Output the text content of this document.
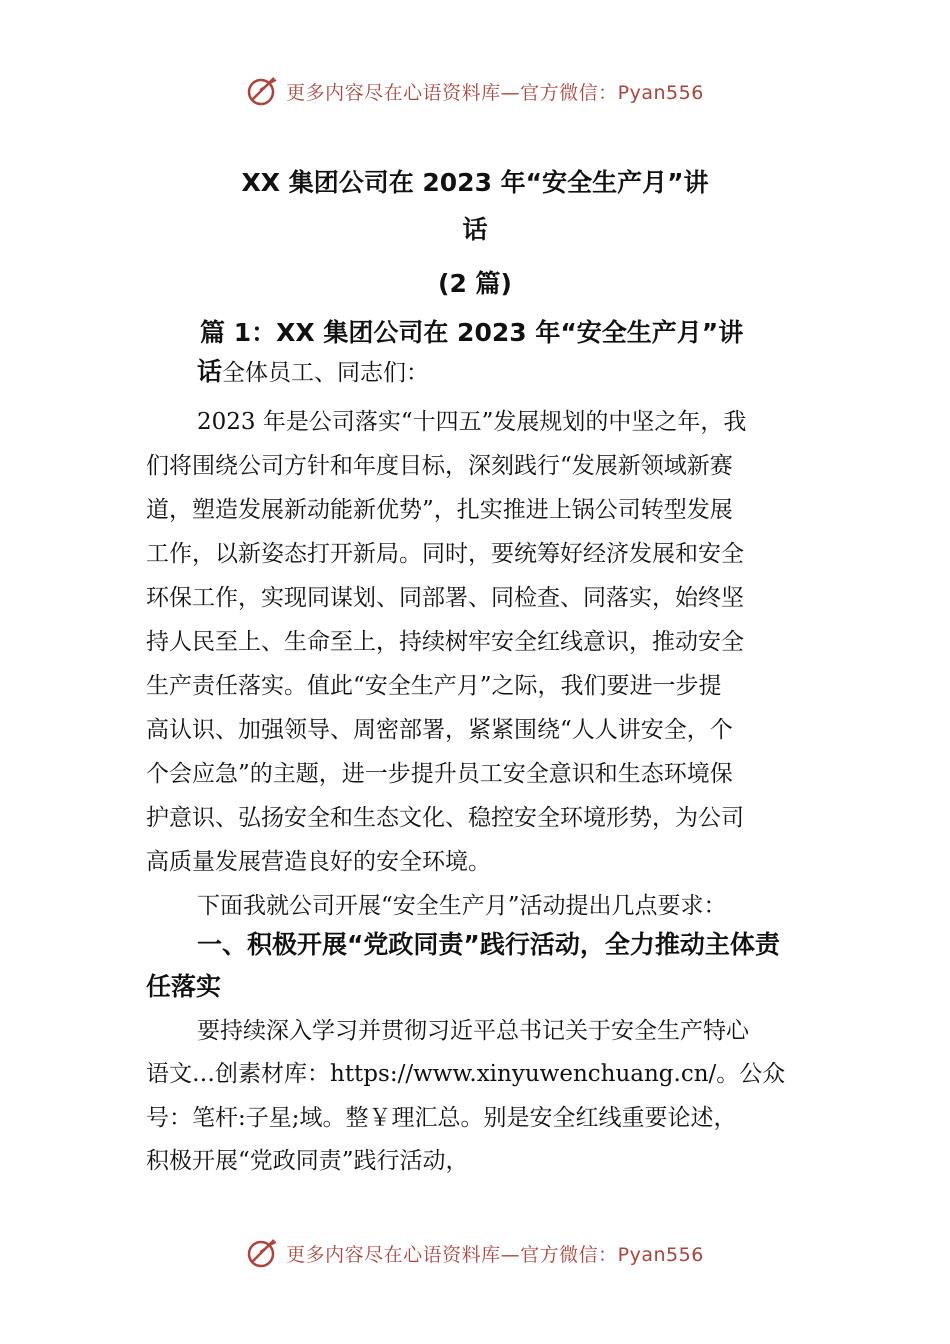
更多内容尽在心语资料库—官方微信：Pyan556
XX 集团公司在 2023 年“安全生产月”讲
话
(2 篇)
篇 1：XX 集团公司在 2023 年“安全生产月”讲
话全体员工、同志们：
2023 年是公司落实“十四五”发展规划的中坚之年，我
们将围绕公司方针和年度目标，深刻践行“发展新领域新赛
道，塑造发展新动能新优势”，扎实推进上锅公司转型发展
工作，以新姿态打开新局。同时，要统筹好经济发展和安全
环保工作，实现同谋划、同部署、同检查、同落实，始终坚
持人民至上、生命至上，持续树牢安全红线意识，推动安全
生产责任落实。值此“安全生产月”之际，我们要进一步提
高认识、加强领导、周密部署，紧紧围绕“人人讲安全，个
个会应急”的主题，进一步提升员工安全意识和生态环境保
护意识、弘扬安全和生态文化、稳控安全环境形势，为公司
高质量发展营造良好的安全环境。
下面我就公司开展“安全生产月”活动提出几点要求：
一、积极开展“党政同责”践行活动，全力推动主体责
任落实
要持续深入学习并贯彻习近平总书记关于安全生产特心
语文…创素材库：https://www.xinyuwenchuang.cn/。公众
号：笔杆:子星;域。整￥理汇总。别是安全红线重要论述，
积极开展“党政同责”践行活动，
更多内容尽在心语资料库—官方微信：Pyan556
